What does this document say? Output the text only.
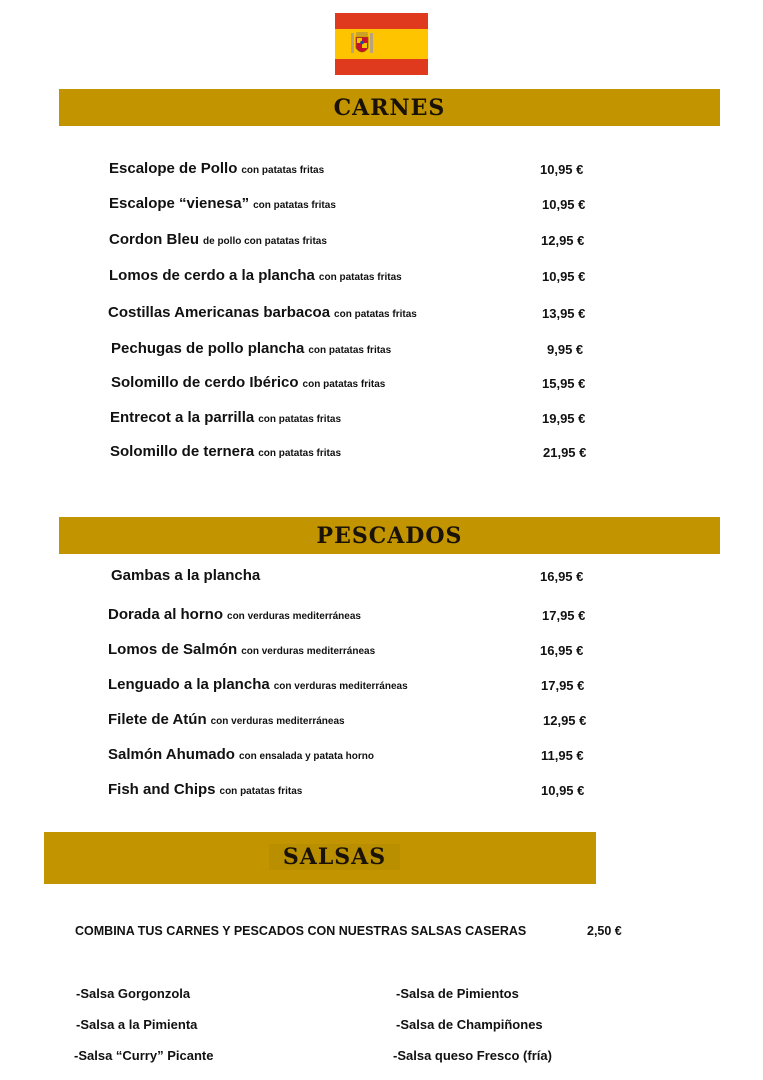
CARNES
Escalope de Pollo con patatas fritas	10,95 €
Escalope “vienesa” con patatas fritas	10,95 €
Cordon Bleu de pollo con patatas fritas	12,95 €
Lomos de cerdo a la plancha con patatas fritas	10,95 €
Costillas Americanas barbacoa con patatas fritas	13,95 €
Pechugas de pollo plancha con patatas fritas	9,95 €
Solomillo de cerdo Ibérico con patatas fritas	15,95 €
Entrecot a la parrilla con patatas fritas	19,95 €
Solomillo de ternera con patatas fritas	21,95 €
PESCADOS
Gambas a la plancha	16,95 €
Dorada al horno con verduras mediterráneas	17,95 €
Lomos de Salmón con verduras mediterráneas	16,95 €
Lenguado a la plancha con verduras mediterráneas	17,95 €
Filete de Atún con verduras mediterráneas	12,95 €
Salmón Ahumado con ensalada y patata horno	11,95 €
Fish and Chips con patatas fritas	10,95 €
SALSAS
COMBINA TUS CARNES Y PESCADOS CON NUESTRAS SALSAS CASERAS	2,50 €
-Salsa Gorgonzola
-Salsa a la Pimienta
-Salsa “Curry” Picante
-Salsa de Pimientos
-Salsa de Champiñones
-Salsa queso Fresco (fría)
